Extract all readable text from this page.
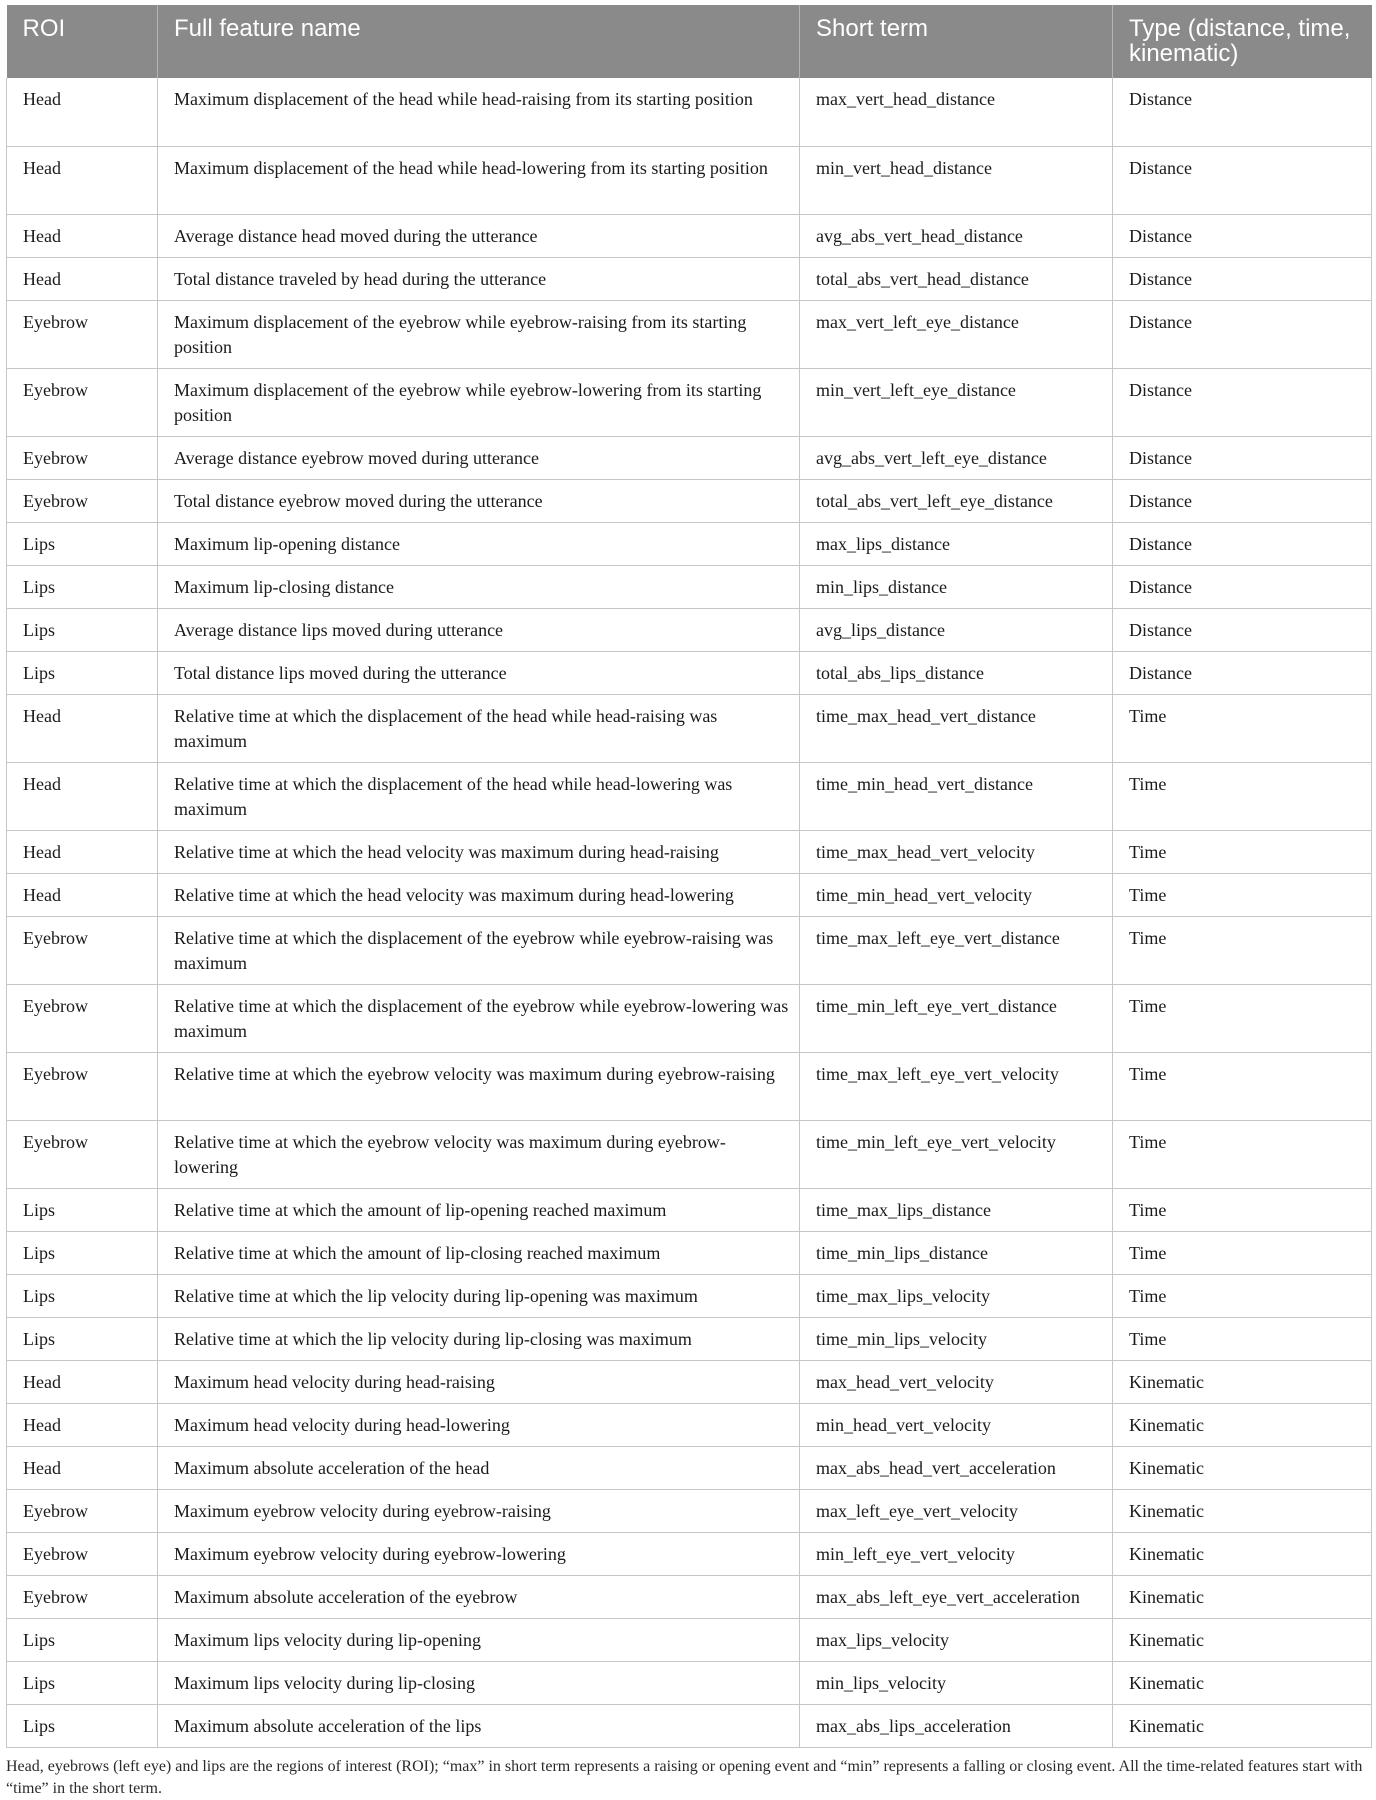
ROI	Full feature name	Short term	Type (distance, time, kinematic)
Head	Maximum displacement of the head while head-raising from its starting position	max_vert_head_distance	Distance
Head	Maximum displacement of the head while head-lowering from its starting position	min_vert_head_distance	Distance
Head	Average distance head moved during the utterance	avg_abs_vert_head_distance	Distance
Head	Total distance traveled by head during the utterance	total_abs_vert_head_distance	Distance
Eyebrow	Maximum displacement of the eyebrow while eyebrow-raising from its starting position	max_vert_left_eye_distance	Distance
Eyebrow	Maximum displacement of the eyebrow while eyebrow-lowering from its starting position	min_vert_left_eye_distance	Distance
Eyebrow	Average distance eyebrow moved during utterance	avg_abs_vert_left_eye_distance	Distance
Eyebrow	Total distance eyebrow moved during the utterance	total_abs_vert_left_eye_distance	Distance
Lips	Maximum lip-opening distance	max_lips_distance	Distance
Lips	Maximum lip-closing distance	min_lips_distance	Distance
Lips	Average distance lips moved during utterance	avg_lips_distance	Distance
Lips	Total distance lips moved during the utterance	total_abs_lips_distance	Distance
Head	Relative time at which the displacement of the head while head-raising was maximum	time_max_head_vert_distance	Time
Head	Relative time at which the displacement of the head while head-lowering was maximum	time_min_head_vert_distance	Time
Head	Relative time at which the head velocity was maximum during head-raising	time_max_head_vert_velocity	Time
Head	Relative time at which the head velocity was maximum during head-lowering	time_min_head_vert_velocity	Time
Eyebrow	Relative time at which the displacement of the eyebrow while eyebrow-raising was maximum	time_max_left_eye_vert_distance	Time
Eyebrow	Relative time at which the displacement of the eyebrow while eyebrow-lowering was maximum	time_min_left_eye_vert_distance	Time
Eyebrow	Relative time at which the eyebrow velocity was maximum during eyebrow-raising	time_max_left_eye_vert_velocity	Time
Eyebrow	Relative time at which the eyebrow velocity was maximum during eyebrow-lowering	time_min_left_eye_vert_velocity	Time
Lips	Relative time at which the amount of lip-opening reached maximum	time_max_lips_distance	Time
Lips	Relative time at which the amount of lip-closing reached maximum	time_min_lips_distance	Time
Lips	Relative time at which the lip velocity during lip-opening was maximum	time_max_lips_velocity	Time
Lips	Relative time at which the lip velocity during lip-closing was maximum	time_min_lips_velocity	Time
Head	Maximum head velocity during head-raising	max_head_vert_velocity	Kinematic
Head	Maximum head velocity during head-lowering	min_head_vert_velocity	Kinematic
Head	Maximum absolute acceleration of the head	max_abs_head_vert_acceleration	Kinematic
Eyebrow	Maximum eyebrow velocity during eyebrow-raising	max_left_eye_vert_velocity	Kinematic
Eyebrow	Maximum eyebrow velocity during eyebrow-lowering	min_left_eye_vert_velocity	Kinematic
Eyebrow	Maximum absolute acceleration of the eyebrow	max_abs_left_eye_vert_acceleration	Kinematic
Lips	Maximum lips velocity during lip-opening	max_lips_velocity	Kinematic
Lips	Maximum lips velocity during lip-closing	min_lips_velocity	Kinematic
Lips	Maximum absolute acceleration of the lips	max_abs_lips_acceleration	Kinematic
Head, eyebrows (left eye) and lips are the regions of interest (ROI); “max” in short term represents a raising or opening event and “min” represents a falling or closing event. All the time-related features start with “time” in the short term.
